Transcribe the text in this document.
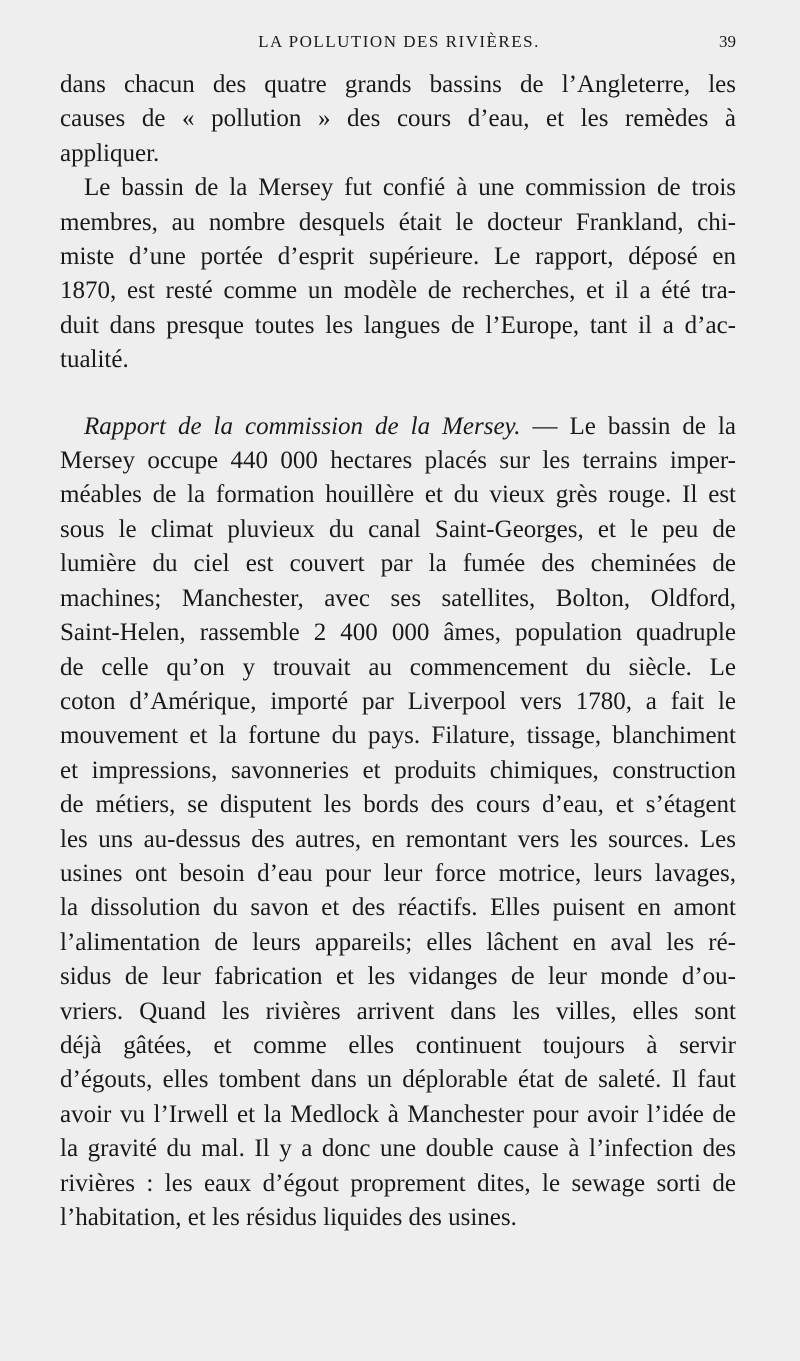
LA POLLUTION DES RIVIÈRES.	39

dans chacun des quatre grands bassins de l’Angleterre, les
causes de « pollution » des cours d’eau, et les remèdes à
appliquer.

Le bassin de la Mersey fut confié à une commission de trois
membres, au nombre desquels était le docteur Frankland, chi-
miste d’une portée d’esprit supérieure. Le rapport, déposé en
1870, est resté comme un modèle de recherches, et il a été tra-
duit dans presque toutes les langues de l’Europe, tant il a d’ac-
tualité.

Rapport de la commission de la Mersey. — Le bassin de la
Mersey occupe 440 000 hectares placés sur les terrains imper-
méables de la formation houillère et du vieux grès rouge. Il est
sous le climat pluvieux du canal Saint-Georges, et le peu de
lumière du ciel est couvert par la fumée des cheminées de
machines; Manchester, avec ses satellites, Bolton, Oldford,
Saint-Helen, rassemble 2 400 000 âmes, population quadruple
de celle qu’on y trouvait au commencement du siècle. Le
coton d’Amérique, importé par Liverpool vers 1780, a fait le
mouvement et la fortune du pays. Filature, tissage, blanchiment
et impressions, savonneries et produits chimiques, construction
de métiers, se disputent les bords des cours d’eau, et s’étagent
les uns au-dessus des autres, en remontant vers les sources. Les
usines ont besoin d’eau pour leur force motrice, leurs lavages,
la dissolution du savon et des réactifs. Elles puisent en amont
l’alimentation de leurs appareils; elles lâchent en aval les ré-
sidus de leur fabrication et les vidanges de leur monde d’ou-
vriers. Quand les rivières arrivent dans les villes, elles sont
déjà gâtées, et comme elles continuent toujours à servir
d’égouts, elles tombent dans un déplorable état de saleté. Il faut
avoir vu l’Irwell et la Medlock à Manchester pour avoir l’idée de
la gravité du mal. Il y a donc une double cause à l’infection des
rivières : les eaux d’égout proprement dites, le sewage sorti de
l’habitation, et les résidus liquides des usines.
